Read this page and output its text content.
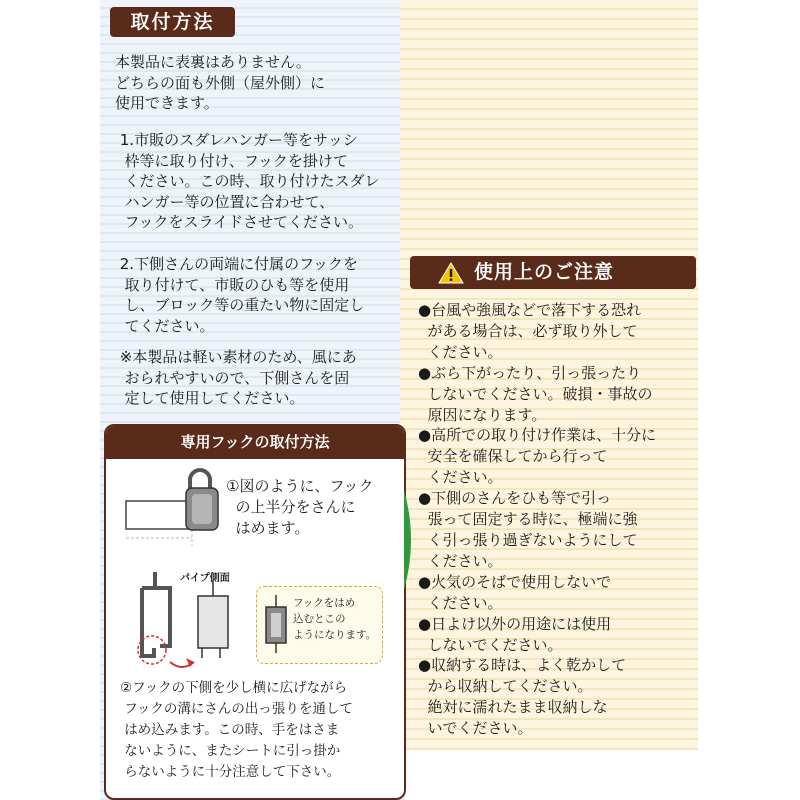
取付方法
本製品に表裏はありません。
どちらの面も外側（屋外側）に
使用できます。
1.市販のスダレハンガー等をサッシ
枠等に取り付け、フックを掛けて
ください。この時、取り付けたスダレ
ハンガー等の位置に合わせて、
フックをスライドさせてください。
2.下側さんの両端に付属のフックを
取り付けて、市販のひも等を使用
し、ブロック等の重たい物に固定し
てください。
※本製品は軽い素材のため、風にあ
おられやすいので、下側さんを固
定して使用してください。
専用フックの取付方法
①図のように、フック
の上半分をさんに
はめます。
パイプ側面
フックをはめ
込むとこの
ようになります。
②フックの下側を少し横に広げながら
フックの溝にさんの出っ張りを通して
はめ込みます。この時、手をはさま
ないように、またシートに引っ掛か
らないように十分注意して下さい。
使用上のご注意
●台風や強風などで落下する恐れ
がある場合は、必ず取り外して
ください。
●ぶら下がったり、引っ張ったり
しないでください。破損・事故の
原因になります。
●高所での取り付け作業は、十分に
安全を確保してから行って
ください。
●下側のさんをひも等で引っ
張って固定する時に、極端に強
く引っ張り過ぎないようにして
ください。
●火気のそばで使用しないで
ください。
●日よけ以外の用途には使用
しないでください。
●収納する時は、よく乾かして
から収納してください。
絶対に濡れたまま収納しな
いでください。
